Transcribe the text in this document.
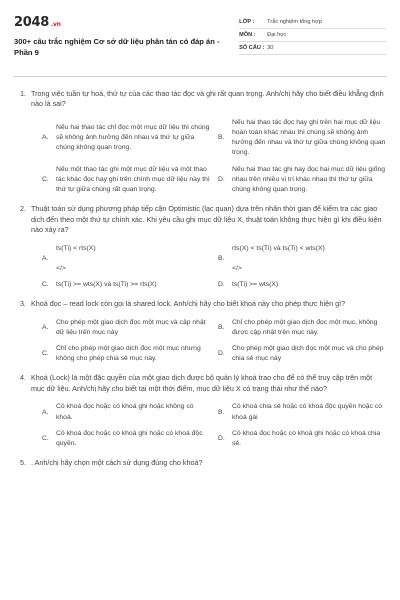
2048 .vn
300+ câu trắc nghiệm Cơ sở dữ liệu phân tán có đáp án -
Phần 9
LỚP :	Trắc nghiệm tổng hợp
MÔN :	Đại học
SỐ CÂU : 30
1. Trong việc tuần tự hoá, thứ tự của các thao tác đọc và ghi rất quan trọng. Anh/chị hãy cho biết điều khẳng định nào là sai?
A.
Nếu hai thao tác chỉ đọc một mục dữ liệu thì chúng sẽ không ảnh hưởng đến nhau và thứ tự giữa chúng không quan trọng.
B.
Nếu hai thao tác đọc hay ghi trên hai mục dữ liệu hoàn toàn khác nhau thì chúng sẽ không ảnh hưởng đến nhau và thứ tự giữa chúng không quan trọng.
C.
Nếu một thao tác ghi một mục dữ liệu và một thao tác khác đọc hay ghi trên chính mục dữ liệu này thì thứ tự giữa chúng rất quan trọng.
D.
Nếu hai thao tác ghi hay đọc hai mục dữ liệu giống nhau trên nhiều vị trí khác nhau thì thứ tự giữa chúng không quan trọng.
2. Thuật toán sử dụng phương pháp tiếp cận Optimistic (lạc quan) dựa trên nhãn thời gian để kiểm tra các giao dịch đến theo một thứ tự chính xác. Khi yêu cầu ghi mục dữ liệu X, thuật toán không thực hiện gì khi điều kiện nào xảy ra?
A.
ts(Ti) < rts(X)

</>
B.
rts(X) < ts(Ti) và ts(Ti) < wts(X)

</>
C.	ts(Ti) >= wts(X) và ts(Ti) >= rts(X)	D.	ts(Ti) >= wts(X)
3. Khoá đọc – read lock còn gọi là shared lock. Anh/chị hãy cho biết khoá này cho phép thực hiện gì?
A.
Cho phép một giao dịch đọc một mục và cập nhật dữ liệu trên mục này
B.
Chỉ cho phép một giao dịch đọc một mục, không được cập nhật trên mục này.
C.
Chỉ cho phép một giao dịch đọc một mục nhưng không cho phép chia sẻ mục này.
D.
Cho phép một giao dịch đọc một mục và cho phép chia sẻ mục này
4. Khoá (Lock) là một đặc quyền của một giao dịch được bộ quản lý khoá trao cho để có thể truy cập trên một mục dữ liệu. Anh/chị hãy cho biết tại một thời điểm, mục dữ liệu X có trạng thái như thế nào?
A.
Có khoá đọc hoặc có khoá ghi hoặc không có khoá.
B.
Có khoá chia sẻ hoặc có khoá độc quyền hoặc có khoá gài
C.
Có khoá đọc hoặc có khoá ghi hoặc có khoá độc quyền.
D.
Có khoá đọc hoặc có khoá ghi hoặc có khoá chia sẻ.
5. . Anh/chị hãy chọn một cách sử dụng đúng cho khoá?
